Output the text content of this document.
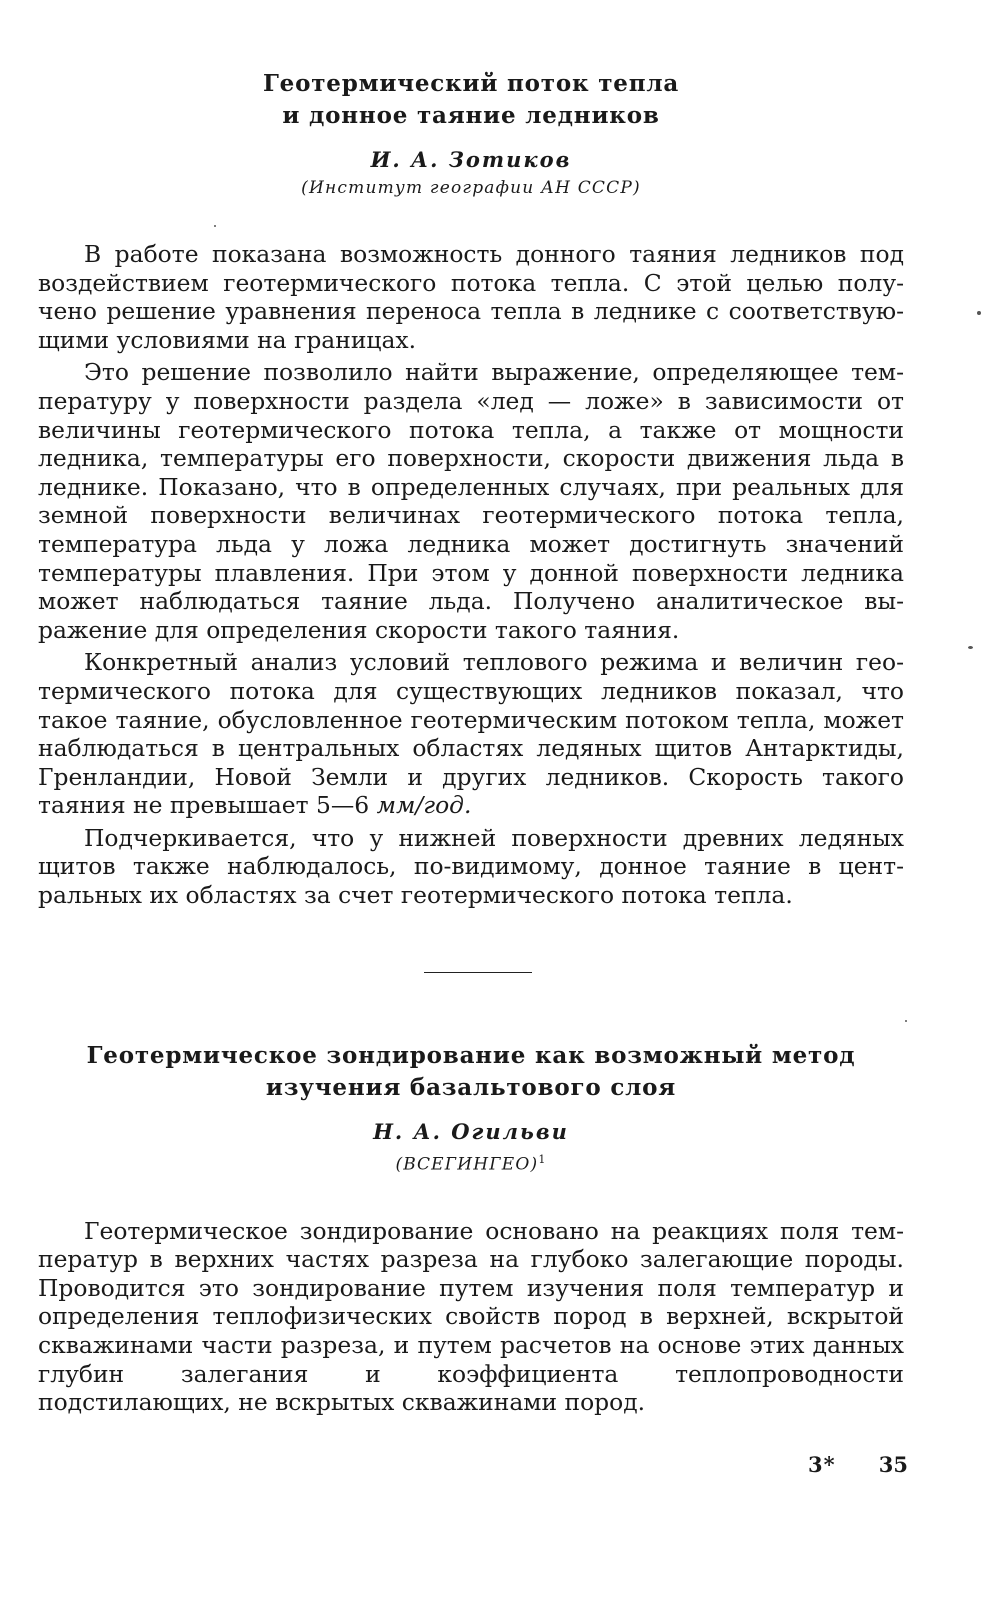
Геотермический поток тепла
и донное таяние ледников
И. А. Зотиков
(Институт географии АН СССР)

В работе показана возможность донного таяния ледников под воздействием геотермического потока тепла. С этой целью получено решение уравнения переноса тепла в леднике с соответствующими условиями на границах.

Это решение позволило найти выражение, определяющее температуру у поверхности раздела «лед — ложе» в зависимости от величины геотермического потока тепла, а также от мощности ледника, температуры его поверхности, скорости движения льда в леднике. Показано, что в определенных случаях, при реальных для земной поверхности величинах геотермического потока тепла, температура льда у ложа ледника может достигнуть значений температуры плавления. При этом у донной поверхности ледника может наблюдаться таяние льда. Получено аналитическое выражение для определения скорости такого таяния.

Конкретный анализ условий теплового режима и величин геотермического потока для существующих ледников показал, что такое таяние, обусловленное геотермическим потоком тепла, может наблюдаться в центральных областях ледяных щитов Антарктиды, Гренландии, Новой Земли и других ледников. Скорость такого таяния не превышает 5—6 мм/год.

Подчеркивается, что у нижней поверхности древних ледяных щитов также наблюдалось, по-видимому, донное таяние в центральных их областях за счет геотермического потока тепла.

Геотермическое зондирование как возможный метод
изучения базальтового слоя
Н. А. Огильви
(ВСЕГИНГЕО)$^1$

Геотермическое зондирование основано на реакциях поля температур в верхних частях разреза на глубоко залегающие породы. Проводится это зондирование путем изучения поля температур и определения теплофизических свойств пород в верхней, вскрытой скважинами части разреза, и путем расчетов на основе этих данных глубин залегания и коэффициента теплопроводности подстилающих, не вскрытых скважинами пород.

3* 35
